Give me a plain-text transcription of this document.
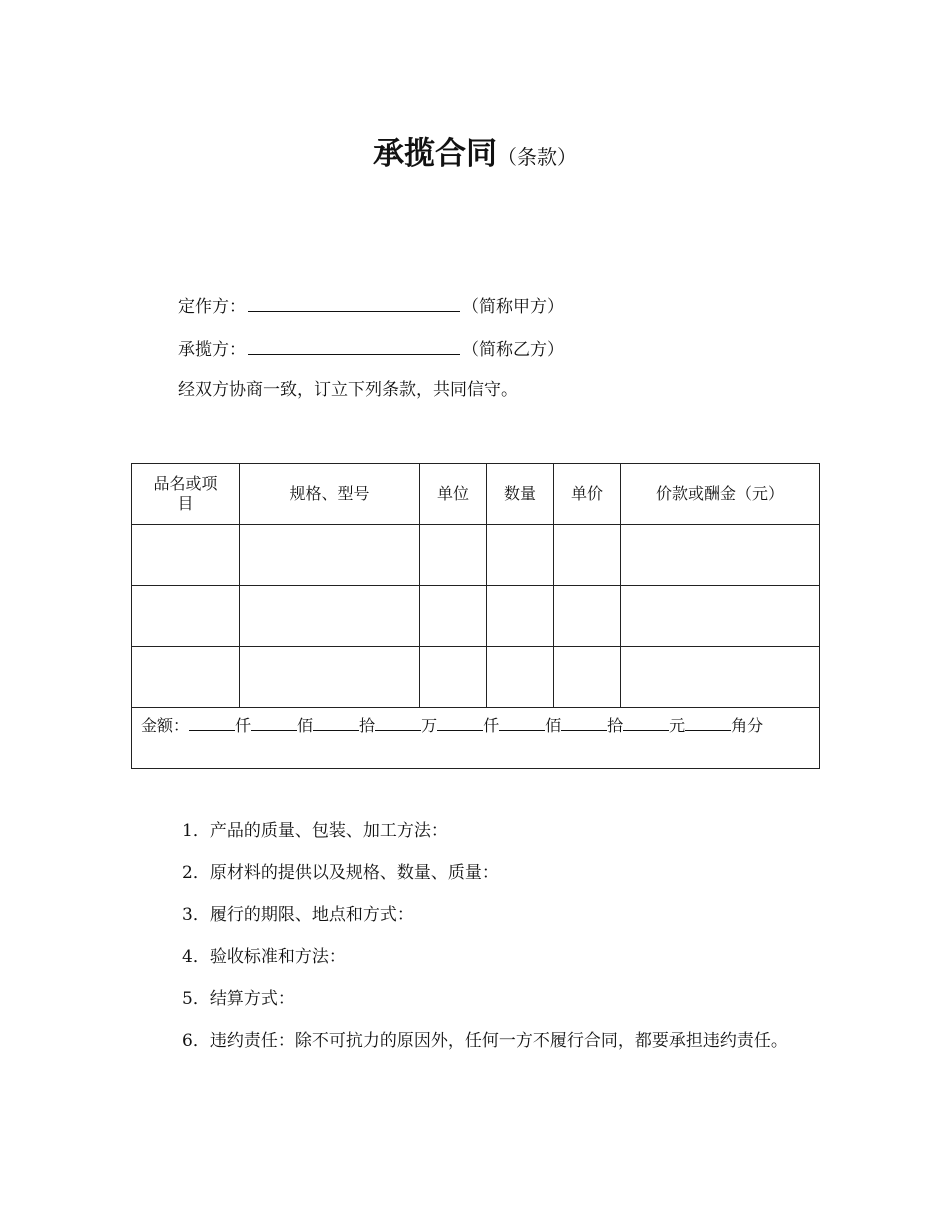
承揽合同（条款）
定作方：	（简称甲方）
承揽方：	（简称乙方）
经双方协商一致，订立下列条款，共同信守。
品名或项目	规格、型号	单位	数量	单价	价款或酬金（元）

金额： 仟 佰 拾 万 仟 佰 拾 元 角分					
1．产品的质量、包装、加工方法：
2．原材料的提供以及规格、数量、质量：
3．履行的期限、地点和方式：
4．验收标准和方法：
5．结算方式：
6．违约责任：除不可抗力的原因外，任何一方不履行合同，都要承担违约责任。
